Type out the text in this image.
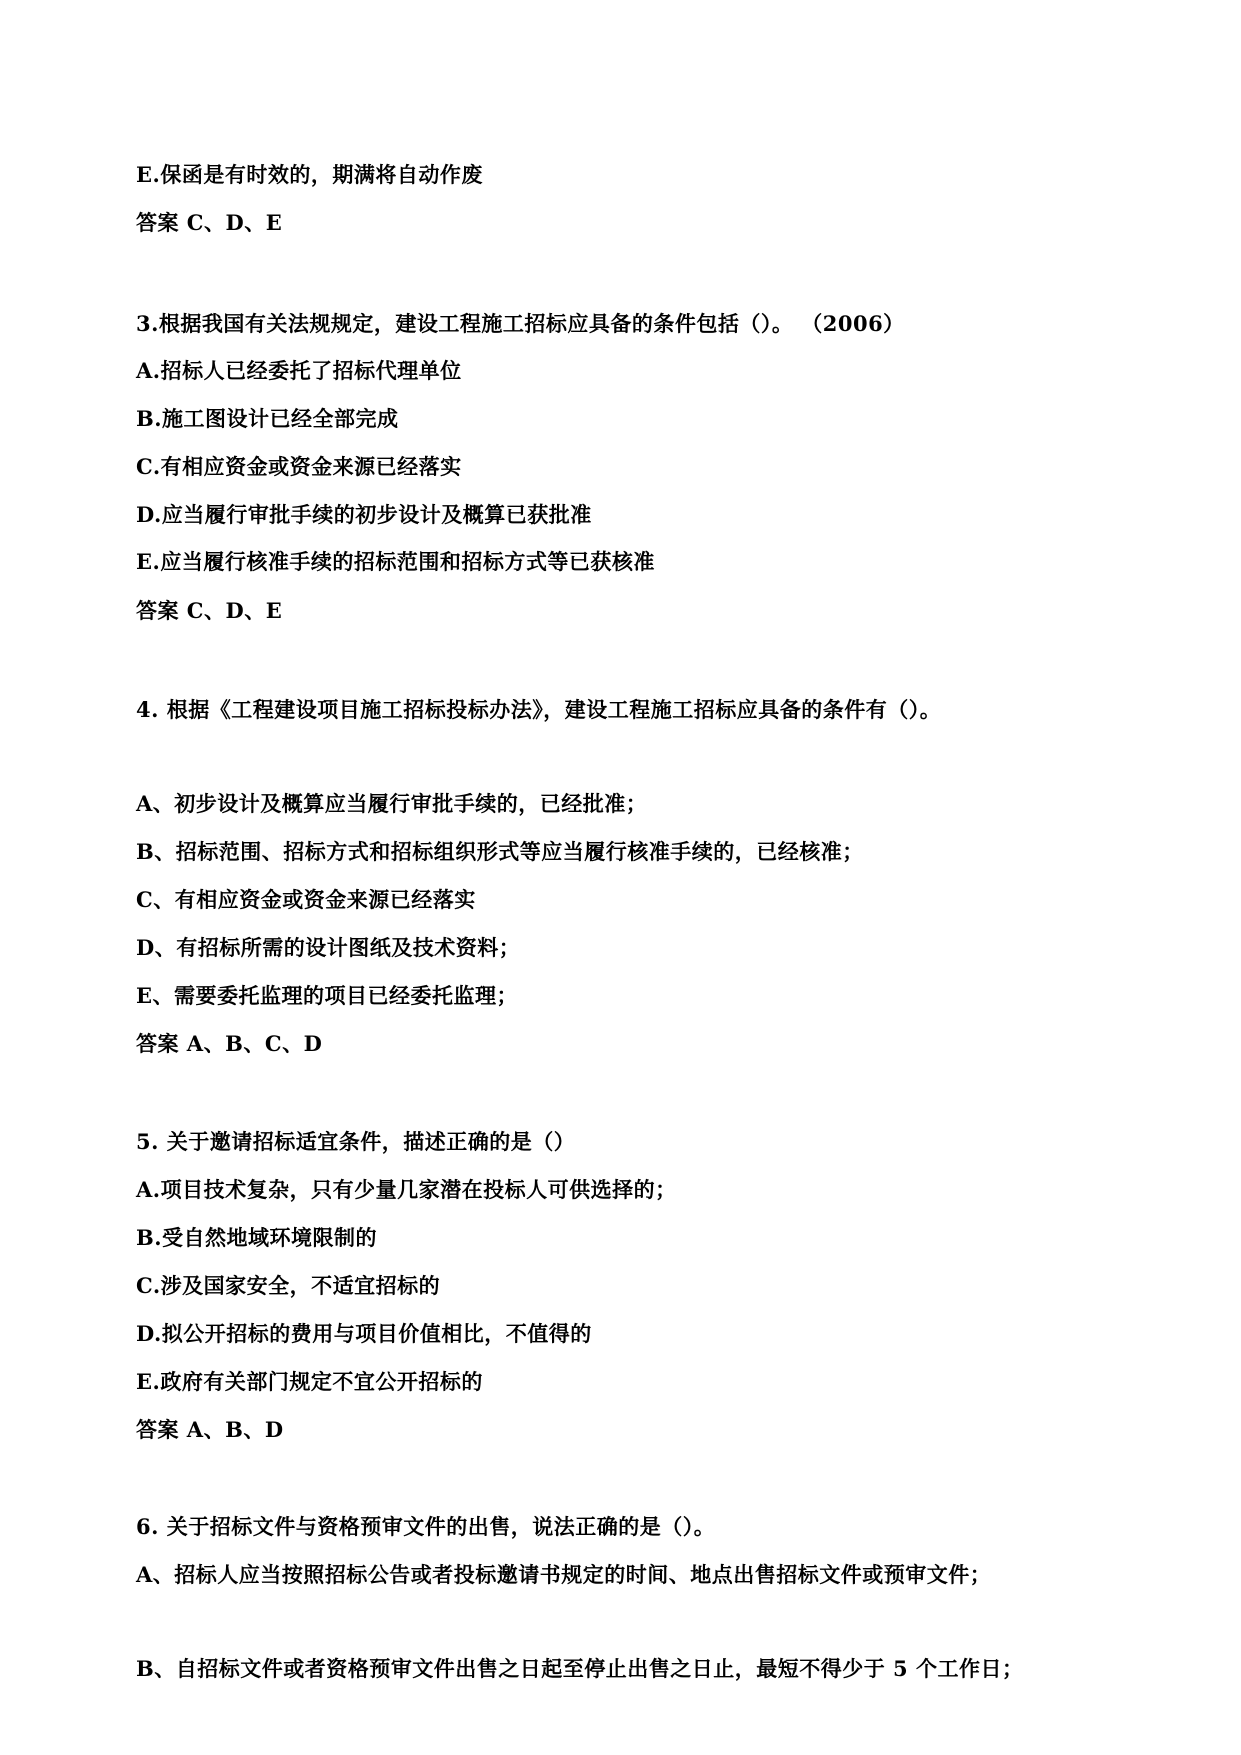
E.保函是有时效的，期满将自动作废
答案 C、D、E
3.根据我国有关法规规定，建设工程施工招标应具备的条件包括（）。 （2006）
A.招标人已经委托了招标代理单位
B.施工图设计已经全部完成
C.有相应资金或资金来源已经落实
D.应当履行审批手续的初步设计及概算已获批准
E.应当履行核准手续的招标范围和招标方式等已获核准
答案 C、D、E
4. 根据《工程建设项目施工招标投标办法》，建设工程施工招标应具备的条件有（）。
A、初步设计及概算应当履行审批手续的，已经批准；
B、招标范围、招标方式和招标组织形式等应当履行核准手续的，已经核准；
C、有相应资金或资金来源已经落实
D、有招标所需的设计图纸及技术资料；
E、需要委托监理的项目已经委托监理；
答案 A、B、C、D
5. 关于邀请招标适宜条件，描述正确的是（）
A.项目技术复杂，只有少量几家潜在投标人可供选择的；
B.受自然地域环境限制的
C.涉及国家安全，不适宜招标的
D.拟公开招标的费用与项目价值相比，不值得的
E.政府有关部门规定不宜公开招标的
答案 A、B、D
6. 关于招标文件与资格预审文件的出售，说法正确的是（）。
A、招标人应当按照招标公告或者投标邀请书规定的时间、地点出售招标文件或预审文件；
B、自招标文件或者资格预审文件出售之日起至停止出售之日止，最短不得少于 5 个工作日；
